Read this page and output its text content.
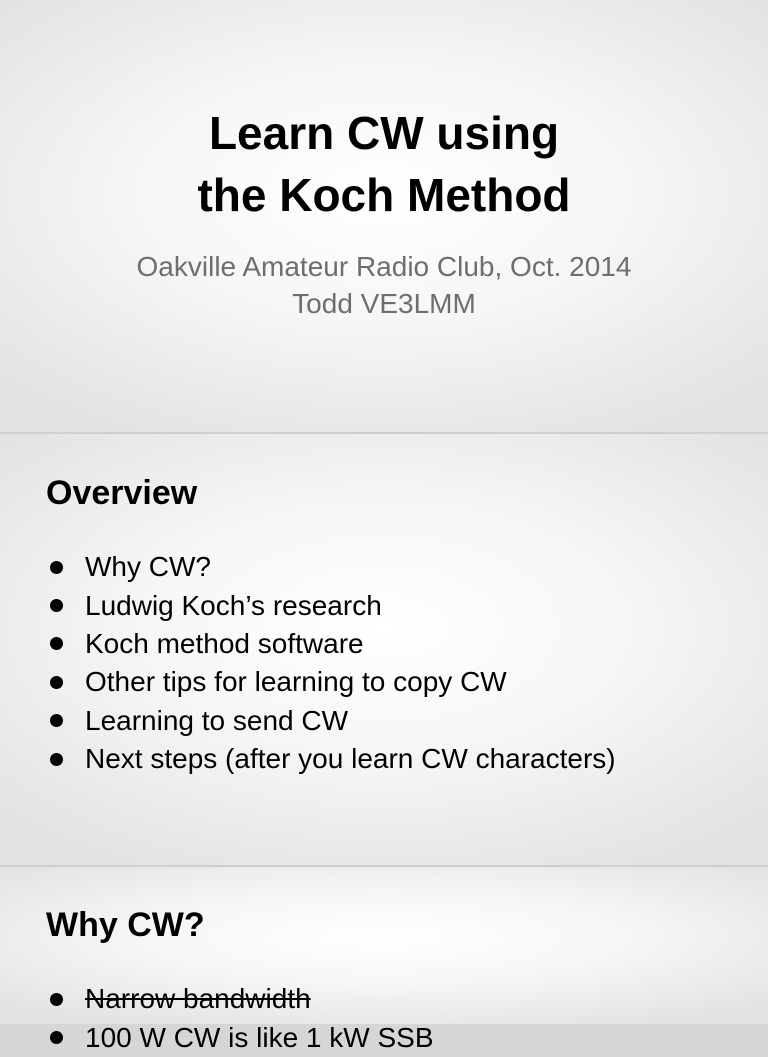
Learn CW using
the Koch Method
Oakville Amateur Radio Club, Oct. 2014
Todd VE3LMM
Overview
Why CW?
Ludwig Koch’s research
Koch method software
Other tips for learning to copy CW
Learning to send CW
Next steps (after you learn CW characters)
Why CW?
Narrow bandwidth
100 W CW is like 1 kW SSB
